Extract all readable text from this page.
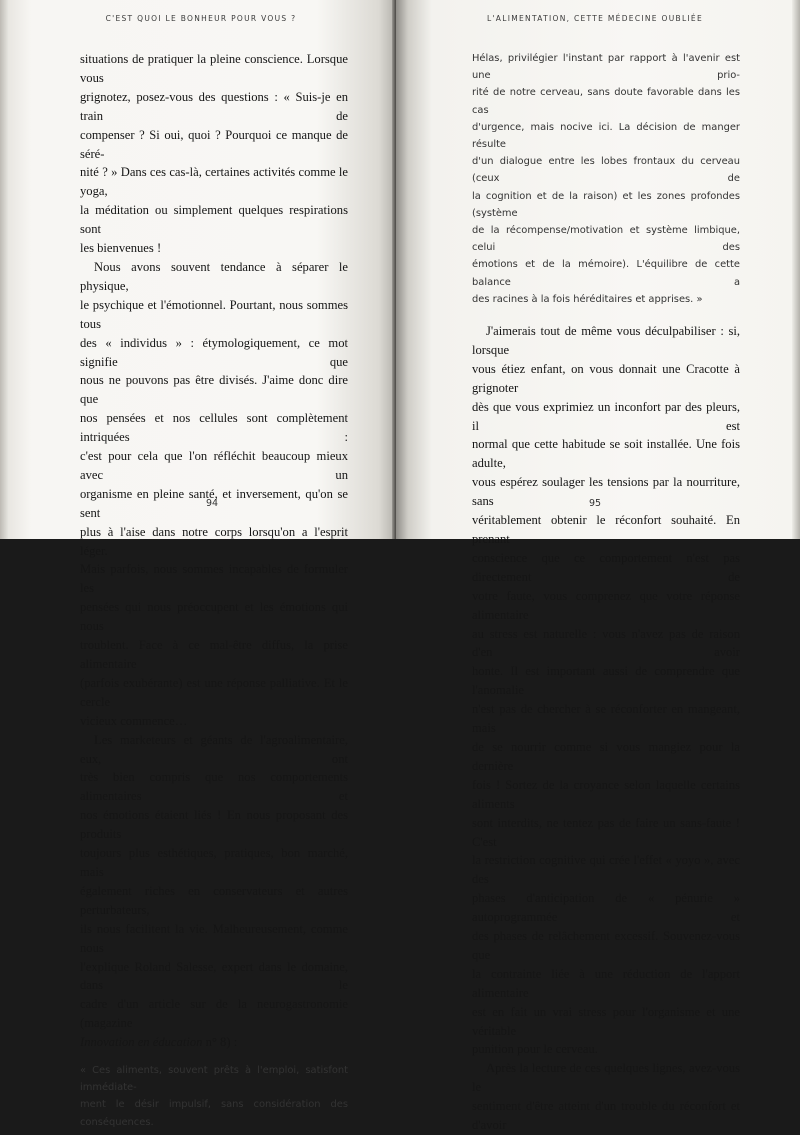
C'EST QUOI LE BONHEUR POUR VOUS ?
situations de pratiquer la pleine conscience. Lorsque vous
grignotez, posez-vous des questions : « Suis-je en train de
compenser ? Si oui, quoi ? Pourquoi ce manque de séré-
nité ? » Dans ces cas-là, certaines activités comme le yoga,
la méditation ou simplement quelques respirations sont
les bienvenues !
Nous avons souvent tendance à séparer le physique,
le psychique et l'émotionnel. Pourtant, nous sommes tous
des « individus » : étymologiquement, ce mot signifie que
nous ne pouvons pas être divisés. J'aime donc dire que
nos pensées et nos cellules sont complètement intriquées :
c'est pour cela que l'on réfléchit beaucoup mieux avec un
organisme en pleine santé, et inversement, qu'on se sent
plus à l'aise dans notre corps lorsqu'on a l'esprit léger.
Mais parfois, nous sommes incapables de formuler les
pensées qui nous préoccupent et les émotions qui nous
troublent. Face à ce mal-être diffus, la prise alimentaire
(parfois exubérante) est une réponse palliative. Et le cercle
vicieux commence…
Les marketeurs et géants de l'agroalimentaire, eux, ont
très bien compris que nos comportements alimentaires et
nos émotions étaient liés ! En nous proposant des produits
toujours plus esthétiques, pratiques, bon marché, mais
également riches en conservateurs et autres perturbateurs,
ils nous facilitent la vie. Malheureusement, comme nous
l'explique Roland Salesse, expert dans le domaine, dans le
cadre d'un article sur de la neurogastronomie (magazine
Innovation en éducation n° 8) :
« Ces aliments, souvent prêts à l'emploi, satisfont immédiate-
ment le désir impulsif, sans considération des conséquences.
94
L'ALIMENTATION, CETTE MÉDECINE OUBLIÉE
Hélas, privilégier l'instant par rapport à l'avenir est une prio-
rité de notre cerveau, sans doute favorable dans les cas
d'urgence, mais nocive ici. La décision de manger résulte
d'un dialogue entre les lobes frontaux du cerveau (ceux de
la cognition et de la raison) et les zones profondes (système
de la récompense/motivation et système limbique, celui des
émotions et de la mémoire). L'équilibre de cette balance a
des racines à la fois héréditaires et apprises. »
J'aimerais tout de même vous déculpabiliser : si, lorsque
vous étiez enfant, on vous donnait une Cracotte à grignoter
dès que vous exprimiez un inconfort par des pleurs, il est
normal que cette habitude se soit installée. Une fois adulte,
vous espérez soulager les tensions par la nourriture, sans
véritablement obtenir le réconfort souhaité. En prenant
conscience que ce comportement n'est pas directement de
votre faute, vous comprenez que votre réponse alimentaire
au stress est naturelle : vous n'avez pas de raison d'en avoir
honte. Il est important aussi de comprendre que l'anomalie
n'est pas de chercher à se réconforter en mangeant, mais
de se nourrir comme si vous mangiez pour la dernière
fois ! Sortez de la croyance selon laquelle certains aliments
sont interdits, ne tentez pas de faire un sans-faute ! C'est
la restriction cognitive qui crée l'effet « yoyo », avec des
phases d'anticipation de « pénurie » autoprogrammée et
des phases de relâchement excessif. Souvenez-vous que
la contrainte liée à une réduction de l'apport alimentaire
est en fait un vrai stress pour l'organisme et une véritable
punition pour le cerveau.
Après la lecture de ces quelques lignes, avez-vous le
sentiment d'être atteint d'un trouble du réconfort et d'avoir
95
